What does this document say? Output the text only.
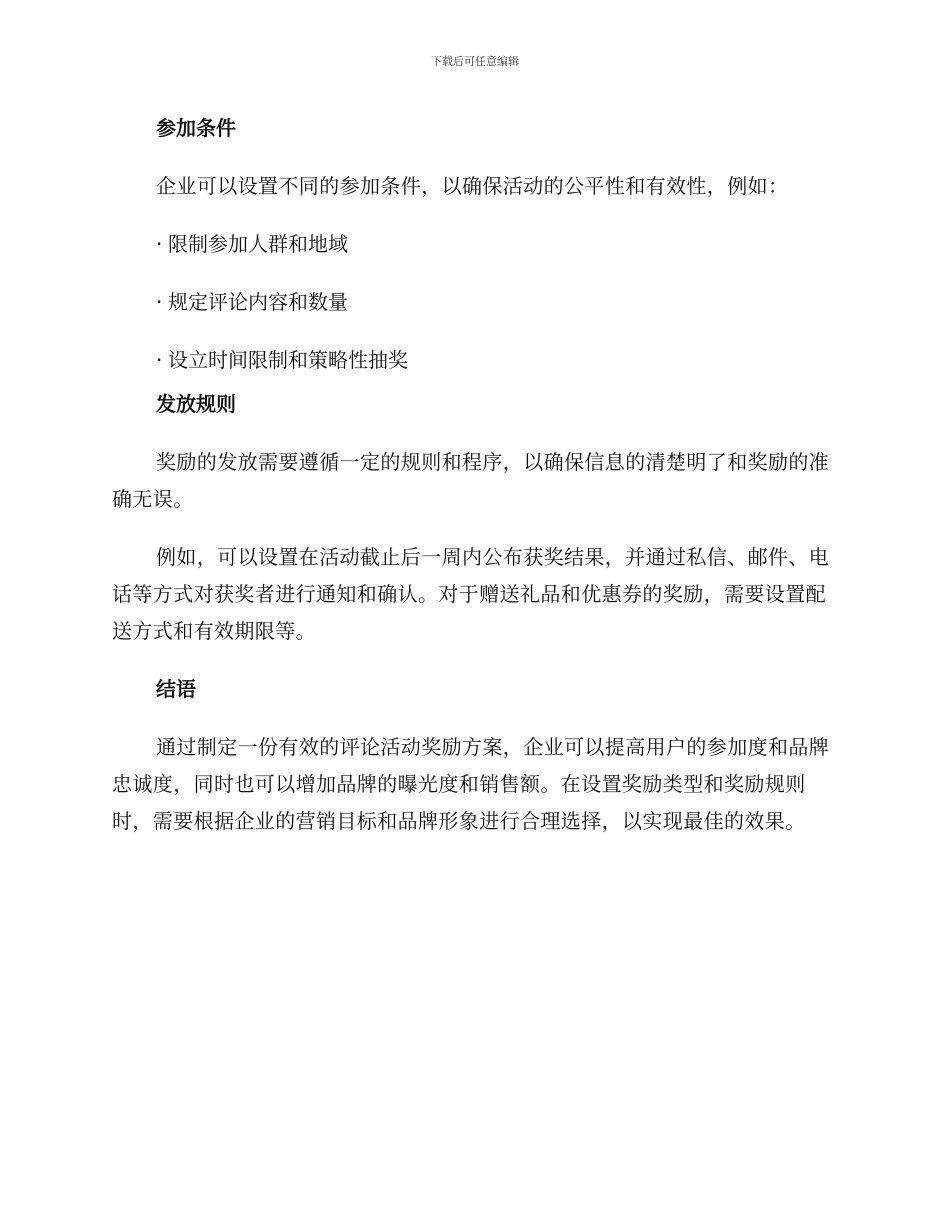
下载后可任意编辑
参加条件

企业可以设置不同的参加条件，以确保活动的公平性和有效性，例如：

· 限制参加人群和地域
· 规定评论内容和数量
· 设立时间限制和策略性抽奖
发放规则

奖励的发放需要遵循一定的规则和程序，以确保信息的清楚明了和奖励的准确无误。

例如，可以设置在活动截止后一周内公布获奖结果，并通过私信、邮件、电话等方式对获奖者进行通知和确认。对于赠送礼品和优惠券的奖励，需要设置配送方式和有效期限等。

结语

通过制定一份有效的评论活动奖励方案，企业可以提高用户的参加度和品牌忠诚度，同时也可以增加品牌的曝光度和销售额。在设置奖励类型和奖励规则时，需要根据企业的营销目标和品牌形象进行合理选择，以实现最佳的效果。
